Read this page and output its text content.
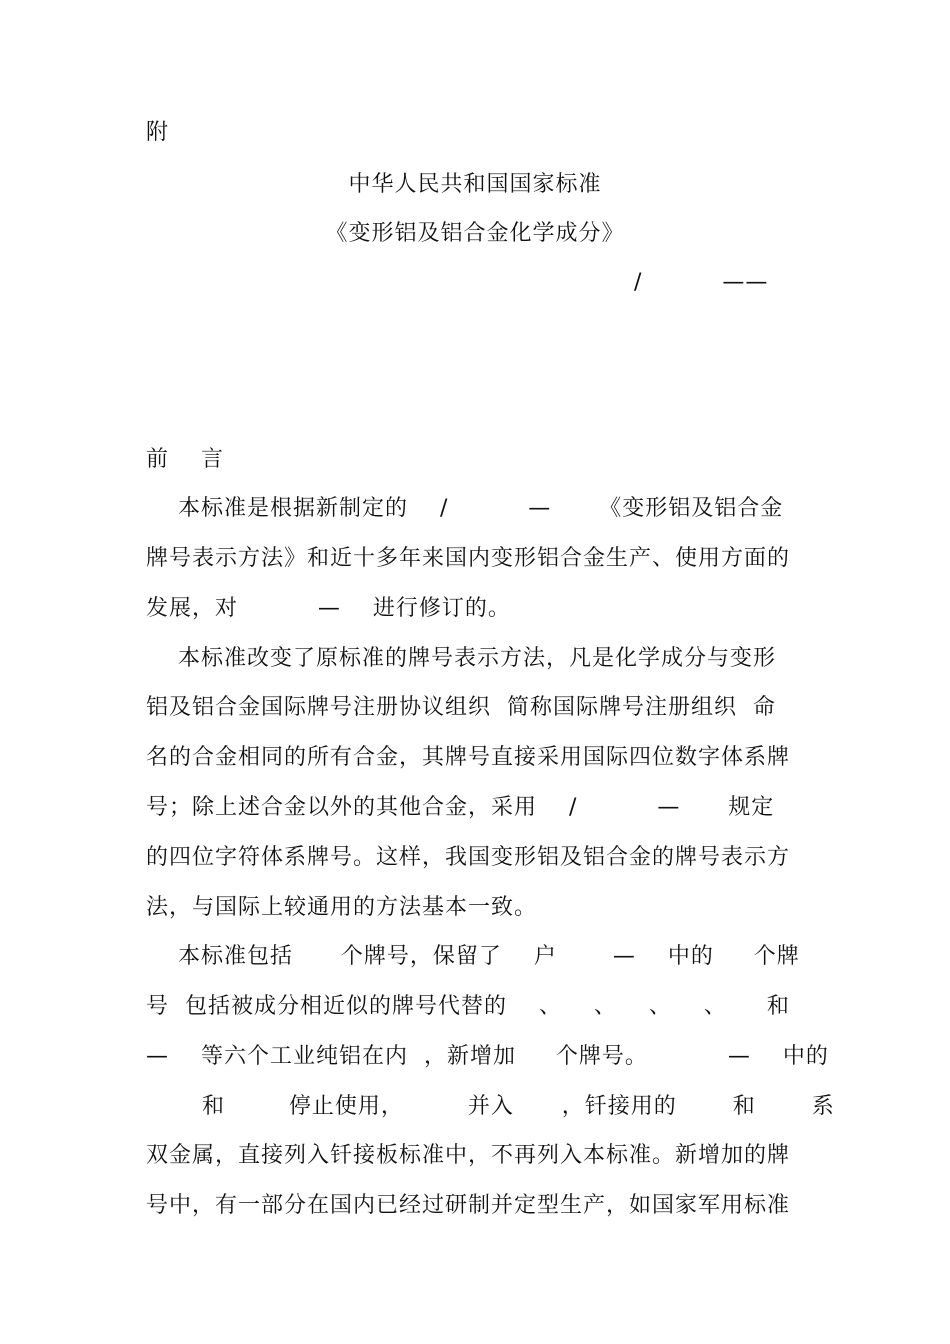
附
中华人民共和国国家标准
《变形铝及铝合金化学成分》
/          ——
前    言
本标准是根据新制定的    /          —      《变形铝及铝合金
牌号表示方法》和近十多年来国内变形铝合金生产、使用方面的
发展，对          —    进行修订的。
本标准改变了原标准的牌号表示方法，凡是化学成分与变形
铝及铝合金国际牌号注册协议组织  简称国际牌号注册组织  命
名的合金相同的所有合金，其牌号直接采用国际四位数字体系牌
号；除上述合金以外的其他合金，采用    /          —      规定
的四位字符体系牌号。这样，我国变形铝及铝合金的牌号表示方
法，与国际上较通用的方法基本一致。
本标准包括      个牌号，保留了    户       —    中的     个牌
号  包括被成分相近似的牌号代替的    、    、    、    、     和
—    等六个工业纯铝在内  ，新增加     个牌号。          —    中的
和        停止使用，        并入      ，钎接用的       和       系
双金属，直接列入钎接板标准中，不再列入本标准。新增加的牌
号中，有一部分在国内已经过研制并定型生产，如国家军用标准
